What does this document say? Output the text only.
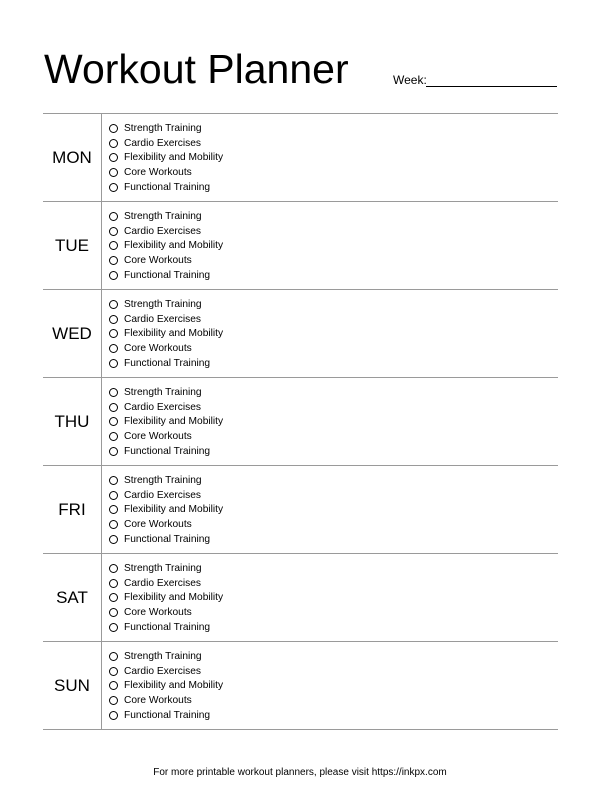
Workout Planner	Week:
MON
Strength Training
Cardio Exercises
Flexibility and Mobility
Core Workouts
Functional Training
TUE
Strength Training
Cardio Exercises
Flexibility and Mobility
Core Workouts
Functional Training
WED
Strength Training
Cardio Exercises
Flexibility and Mobility
Core Workouts
Functional Training
THU
Strength Training
Cardio Exercises
Flexibility and Mobility
Core Workouts
Functional Training
FRI
Strength Training
Cardio Exercises
Flexibility and Mobility
Core Workouts
Functional Training
SAT
Strength Training
Cardio Exercises
Flexibility and Mobility
Core Workouts
Functional Training
SUN
Strength Training
Cardio Exercises
Flexibility and Mobility
Core Workouts
Functional Training
For more printable workout planners, please visit https://inkpx.com
